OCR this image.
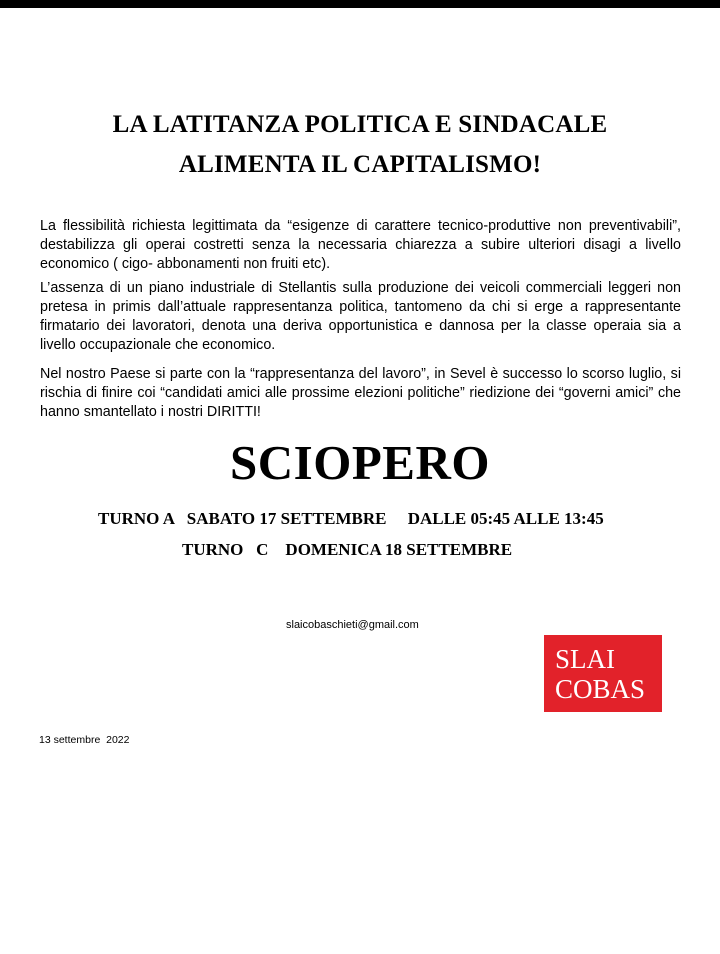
LA LATITANZA POLITICA E SINDACALE
ALIMENTA IL CAPITALISMO!
La flessibilità richiesta legittimata da “esigenze di carattere tecnico-produttive non preventivabili”, destabilizza gli operai costretti senza la necessaria chiarezza a subire ulteriori disagi a livello economico ( cigo- abbonamenti non fruiti etc).
L’assenza di un piano industriale di Stellantis sulla produzione dei veicoli commerciali leggeri non pretesa in primis dall’attuale rappresentanza politica, tantomeno da chi si erge a rappresentante firmatario dei lavoratori, denota una deriva opportunistica e dannosa per la classe operaia sia a livello occupazionale che economico.
Nel nostro Paese si parte con la “rappresentanza del lavoro”, in Sevel è successo lo scorso luglio, si rischia di finire coi “candidati amici alle prossime elezioni politiche” riedizione dei “governi amici” che hanno smantellato i nostri DIRITTI!
SCIOPERO
TURNO A   SABATO 17 SETTEMBRE     DALLE 05:45 ALLE 13:45
TURNO   C    DOMENICA 18 SETTEMBRE
slaicobaschieti@gmail.com
SLAI
COBAS
13 settembre  2022
